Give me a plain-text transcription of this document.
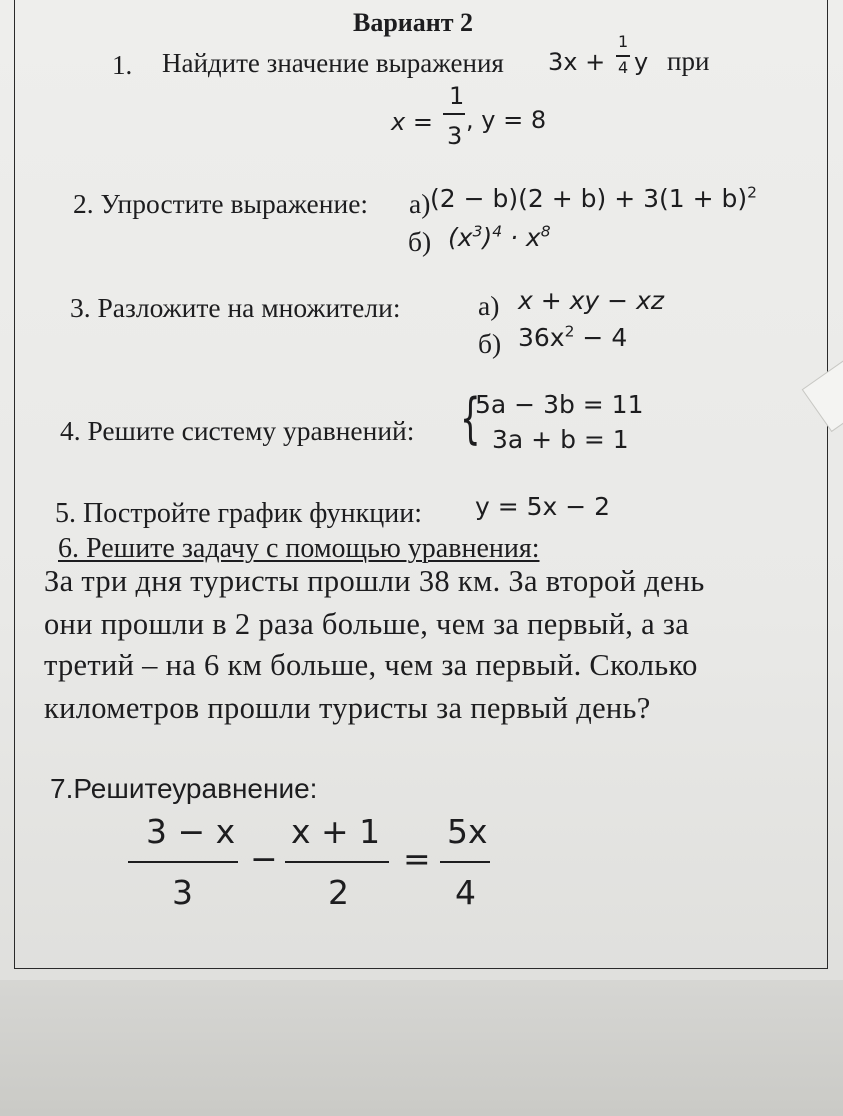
Вариант 2
1. Найдите значение выражения 3x +
1
4 y при
x =
1
3
, y = 8
2. Упростите выражение: а) $(2 - b)(2 + b) + 3(1 + b)^2$
б) $(x^3)^4 \cdot x^8$
3. Разложите на множители:	а) x + xy − xz
б) $36x^2 - 4$
4. Решите систему уравнений: {
5a − 3b = 11
3a + b = 1
5. Постройте график функции: y = 5x − 2
6. Решите задачу с помощью уравнения:
За три дня туристы прошли 38 км. За второй день
они прошли в 2 раза больше, чем за первый, а за
третий – на 6 км больше, чем за первый. Сколько
километров прошли туристы за первый день?
7.Решитеуравнение:
3 − x
3
−
x + 1
2
=
5x
4
